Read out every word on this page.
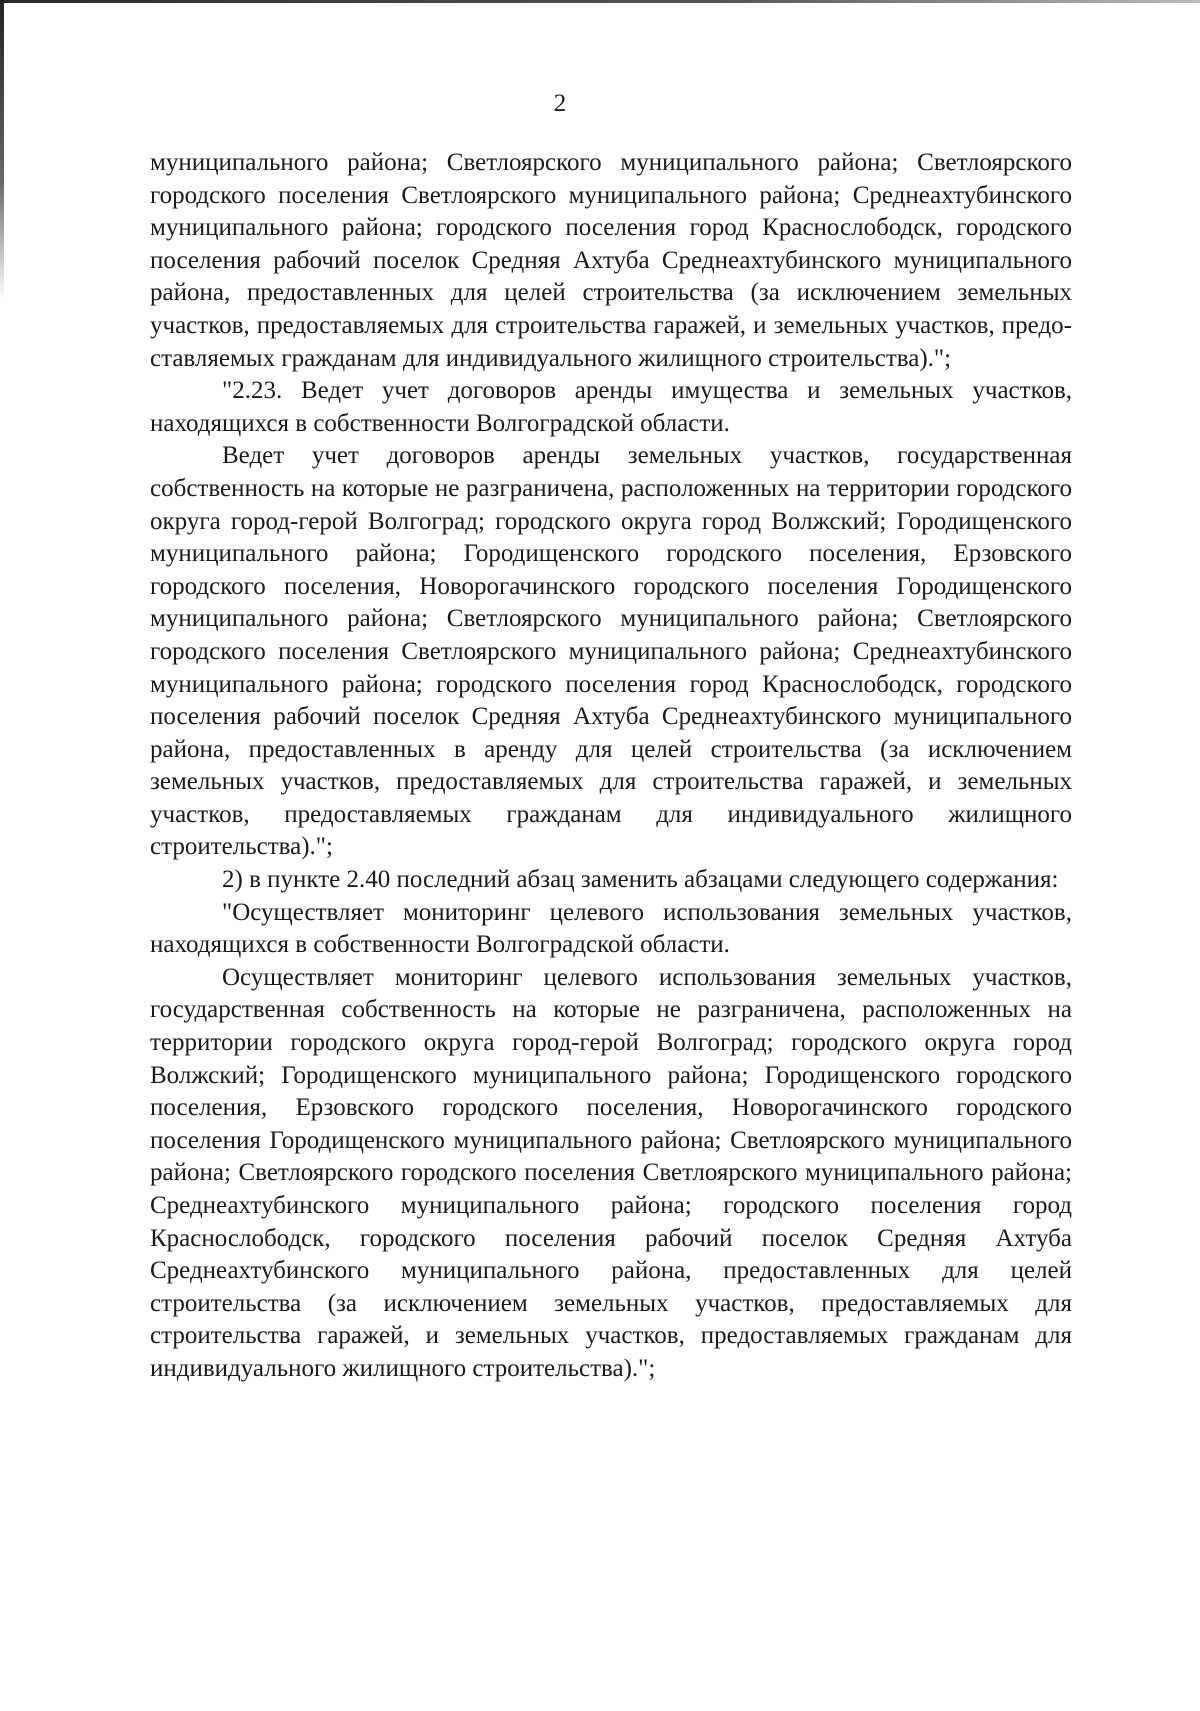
2

муниципального района; Светлоярского муниципального района; Светлоярского городского поселения Светлоярского муниципального района; Среднеахтубинского муниципального района; городского поселения город Краснослободск, городского поселения рабочий поселок Средняя Ахтуба Среднеахтубинского муниципального района, предоставленных для целей строительства (за исключением земельных участков, предоставляемых для строительства гаражей, и земельных участков, предоставляемых гражданам для индивидуального жилищного строительства).";

"2.23. Ведет учет договоров аренды имущества и земельных участков, находящихся в собственности Волгоградской области.

Ведет учет договоров аренды земельных участков, государственная собственность на которые не разграничена, расположенных на территории городского округа город-герой Волгоград; городского округа город Волжский; Городищенского муниципального района; Городищенского городского поселения, Ерзовского городского поселения, Новорогачинского городского поселения Городищенского муниципального района; Светлоярского муниципального района; Светлоярского городского поселения Светлоярского муниципального района; Среднеахтубинского муниципального района; городского поселения город Краснослободск, городского поселения рабочий поселок Средняя Ахтуба Среднеахтубинского муниципального района, предоставленных в аренду для целей строительства (за исключением земельных участков, предоставляемых для строительства гаражей, и земельных участков, предоставляемых гражданам для индивидуального жилищного строительства).";

2) в пункте 2.40 последний абзац заменить абзацами следующего содержания:

"Осуществляет мониторинг целевого использования земельных участков, находящихся в собственности Волгоградской области.

Осуществляет мониторинг целевого использования земельных участков, государственная собственность на которые не разграничена, расположенных на территории городского округа город-герой Волгоград; городского округа город Волжский; Городищенского муниципального района; Городищенского городского поселения, Ерзовского городского поселения, Новорогачинского городского поселения Городищенского муниципального района; Светлоярского муниципального района; Светлоярского городского поселения Светлоярского муниципального района; Среднеахтубинского муниципального района; городского поселения город Краснослободск, городского поселения рабочий поселок Средняя Ахтуба Среднеахтубинского муниципального района, предоставленных для целей строительства (за исключением земельных участков, предоставляемых для строительства гаражей, и земельных участков, предоставляемых гражданам для индивидуального жилищного строительства).";
